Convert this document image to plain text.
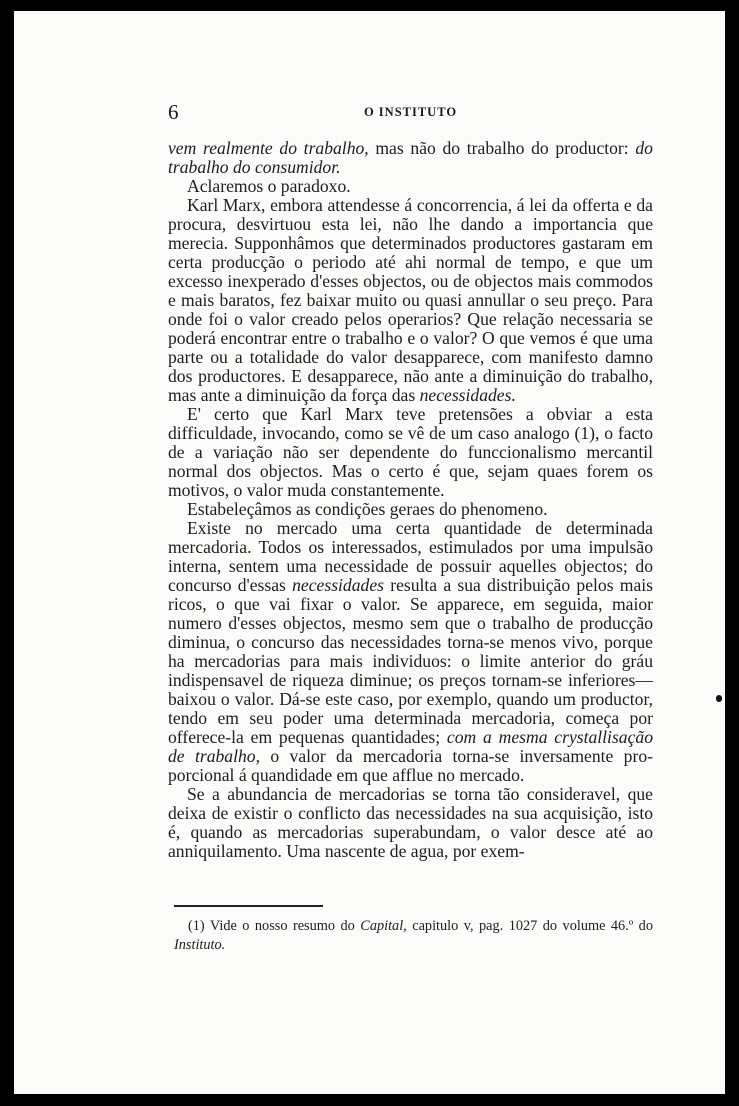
6	O INSTITUTO

vem realmente do trabalho, mas não do trabalho do productor: do trabalho do consumidor.

Aclaremos o paradoxo.

Karl Marx, embora attendesse á concorrencia, á lei da offerta e da procura, desvirtuou esta lei, não lhe dando a importancia que merecia. Supponhâmos que determinados productores gastaram em certa producção o periodo até ahi normal de tempo, e que um excesso inexperado d'esses objectos, ou de objectos mais commodos e mais baratos, fez baixar muito ou quasi annullar o seu preço. Para onde foi o valor creado pelos operarios? Que relação necessaria se poderá encontrar entre o trabalho e o valor? O que vemos é que uma parte ou a totalidade do valor desapparece, com manifesto damno dos productores. E desapparece, não ante a diminuição do trabalho, mas ante a diminuição da força das necessidades.

E' certo que Karl Marx teve pretensões a obviar a esta difficuldade, invocando, como se vê de um caso analogo (1), o facto de a variação não ser dependente do funccionalismo mercantil normal dos objectos. Mas o certo é que, sejam quaes forem os motivos, o valor muda constantemente.

Estabeleçâmos as condições geraes do phenomeno.

Existe no mercado uma certa quantidade de determinada mercadoria. Todos os interessados, estimulados por uma impulsão interna, sentem uma necessidade de possuir aquelles objectos; do concurso d'essas necessidades resulta a sua distribuição pelos mais ricos, o que vai fixar o valor. Se apparece, em seguida, maior numero d'esses objectos, mesmo sem que o trabalho de producção diminua, o concurso das necessidades torna-se menos vivo, porque ha mercadorias para mais individuos: o limite anterior do gráu indispensavel de riqueza diminue; os preços tornam-se inferiores—baixou o valor. Dá-se este caso, por exemplo, quando um productor, tendo em seu poder uma determinada mercadoria, começa por offerece-la em pequenas quantidades; com a mesma crystallisação de trabalho, o valor da mercadoria torna-se inversamente proporcional á quandidade em que afflue no mercado.

Se a abundancia de mercadorias se torna tão consideravel, que deixa de existir o conflicto das necessidades na sua acquisição, isto é, quando as mercadorias superabundam, o valor desce até ao anniquilamento. Uma nascente de agua, por exem-

(1) Vide o nosso resumo do Capital, capitulo v, pag. 1027 do volume 46.º do Instituto.
